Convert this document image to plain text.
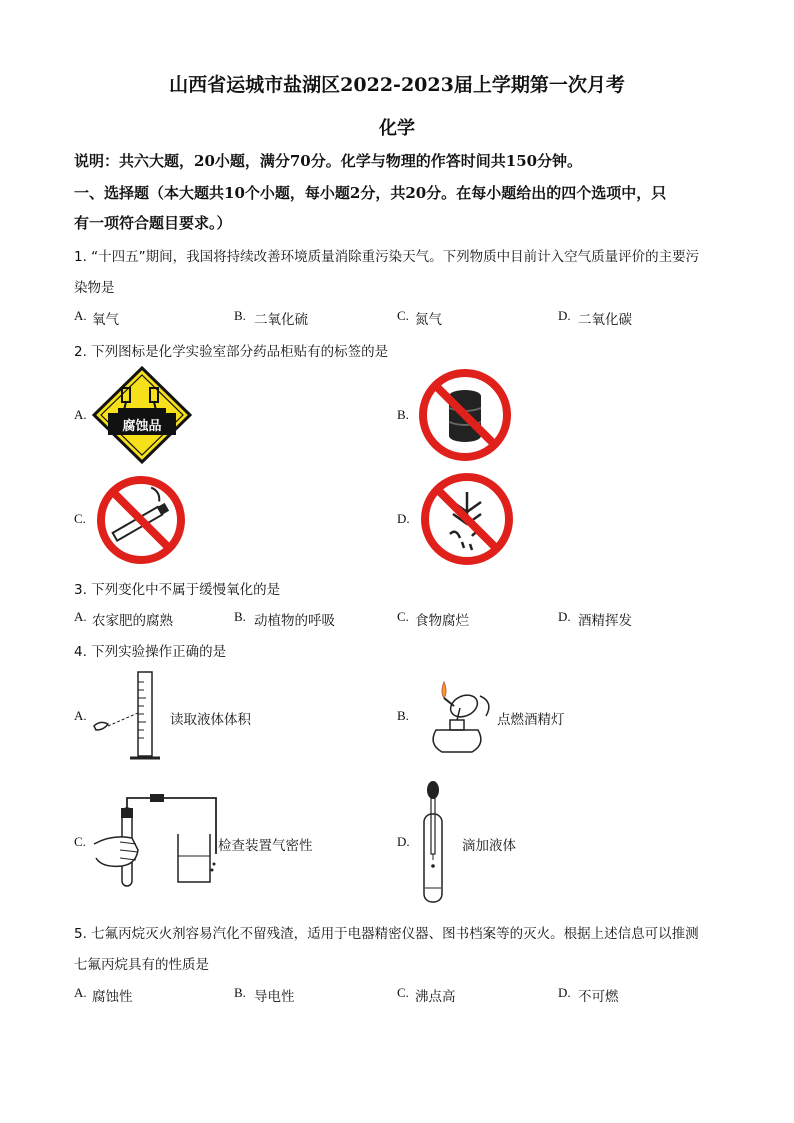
山西省运城市盐湖区2022-2023届上学期第一次月考
化学
说明：共六大题，20小题，满分70分。化学与物理的作答时间共150分钟。
一、选择题（本大题共10个小题，每小题2分，共20分。在每小题给出的四个选项中，只
有一项符合题目要求。）
1. “十四五”期间，我国将持续改善环境质量消除重污染天气。下列物质中目前计入空气质量评价的主要污
染物是
A. 氧气	B. 二氧化硫	C. 氮气	D. 二氧化碳
2. 下列图标是化学实验室部分药品柜贴有的标签的是
A.
腐蚀品
B.
C.	D.
3. 下列变化中不属于缓慢氧化的是
A. 农家肥的腐熟	B. 动植物的呼吸	C. 食物腐烂	D. 酒精挥发
4. 下列实验操作正确的是
A.	读取液体体积	B.	点燃酒精灯
C.	检查装置气密性	D.	滴加液体
5. 七氟丙烷灭火剂容易汽化不留残渣，适用于电器精密仪器、图书档案等的灭火。根据上述信息可以推测
七氟丙烷具有的性质是
A. 腐蚀性	B. 导电性	C. 沸点高	D. 不可燃
